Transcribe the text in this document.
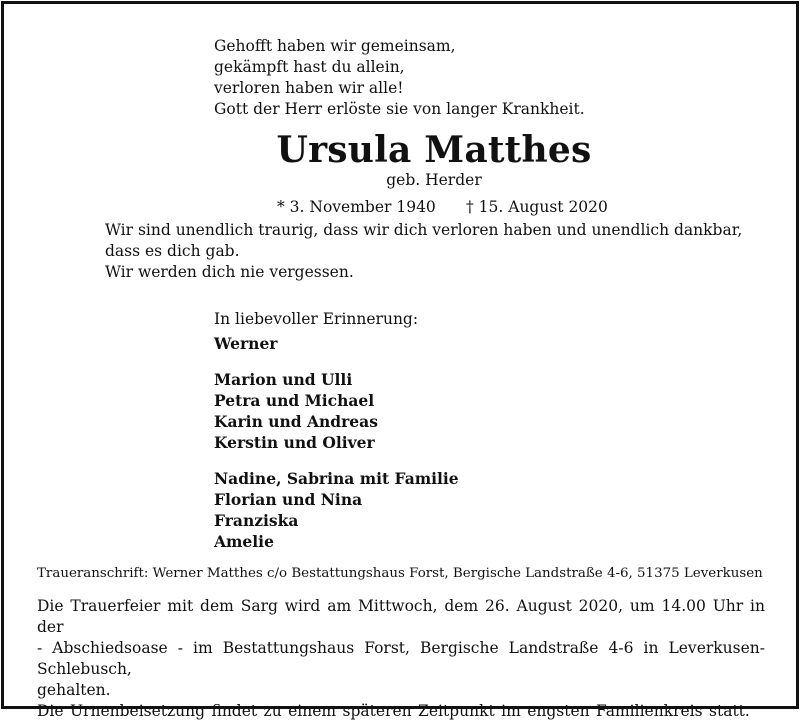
Gehofft haben wir gemeinsam,
gekämpft hast du allein,
verloren haben wir alle!
Gott der Herr erlöste sie von langer Krankheit.
Ursula Matthes
geb. Herder
* 3. November 1940 † 15. August 2020
Wir sind unendlich traurig, dass wir dich verloren haben und unendlich dankbar,
dass es dich gab.
Wir werden dich nie vergessen.
In liebevoller Erinnerung:
Werner
Marion und Ulli
Petra und Michael
Karin und Andreas
Kerstin und Oliver
Nadine, Sabrina mit Familie
Florian und Nina
Franziska
Amelie
Traueranschrift: Werner Matthes c/o Bestattungshaus Forst, Bergische Landstraße 4-6, 51375 Leverkusen
Die Trauerfeier mit dem Sarg wird am Mittwoch, dem 26. August 2020, um 14.00 Uhr in der
- Abschiedsoase - im Bestattungshaus Forst, Bergische Landstraße 4-6 in Leverkusen-Schlebusch,
gehalten.
Die Urnenbeisetzung findet zu einem späteren Zeitpunkt im engsten Familienkreis statt.
